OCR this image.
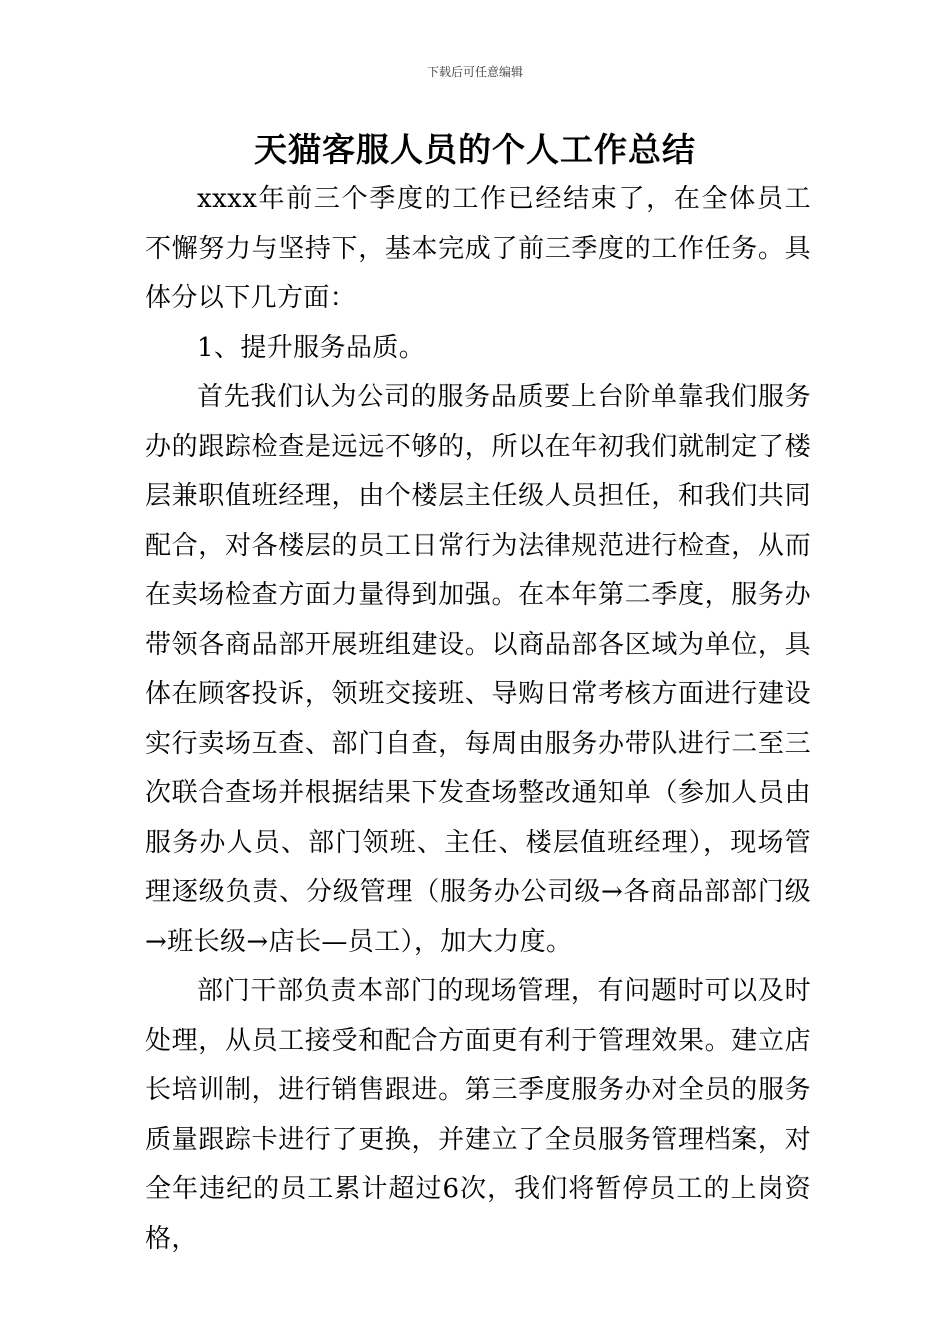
下载后可任意编辑
天猫客服人员的个人工作总结

xxxx年前三个季度的工作已经结束了，在全体员工不懈努力与坚持下，基本完成了前三季度的工作任务。具体分以下几方面：

1、提升服务品质。

首先我们认为公司的服务品质要上台阶单靠我们服务办的跟踪检查是远远不够的，所以在年初我们就制定了楼层兼职值班经理，由个楼层主任级人员担任，和我们共同配合，对各楼层的员工日常行为法律规范进行检查，从而在卖场检查方面力量得到加强。在本年第二季度，服务办带领各商品部开展班组建设。以商品部各区域为单位，具体在顾客投诉，领班交接班、导购日常考核方面进行建设实行卖场互查、部门自查，每周由服务办带队进行二至三次联合查场并根据结果下发查场整改通知单（参加人员由服务办人员、部门领班、主任、楼层值班经理），现场管理逐级负责、分级管理（服务办公司级→各商品部部门级→班长级→店长—员工），加大力度。

部门干部负责本部门的现场管理，有问题时可以及时处理，从员工接受和配合方面更有利于管理效果。建立店长培训制，进行销售跟进。第三季度服务办对全员的服务质量跟踪卡进行了更换，并建立了全员服务管理档案，对全年违纪的员工累计超过6次，我们将暂停员工的上岗资格，
